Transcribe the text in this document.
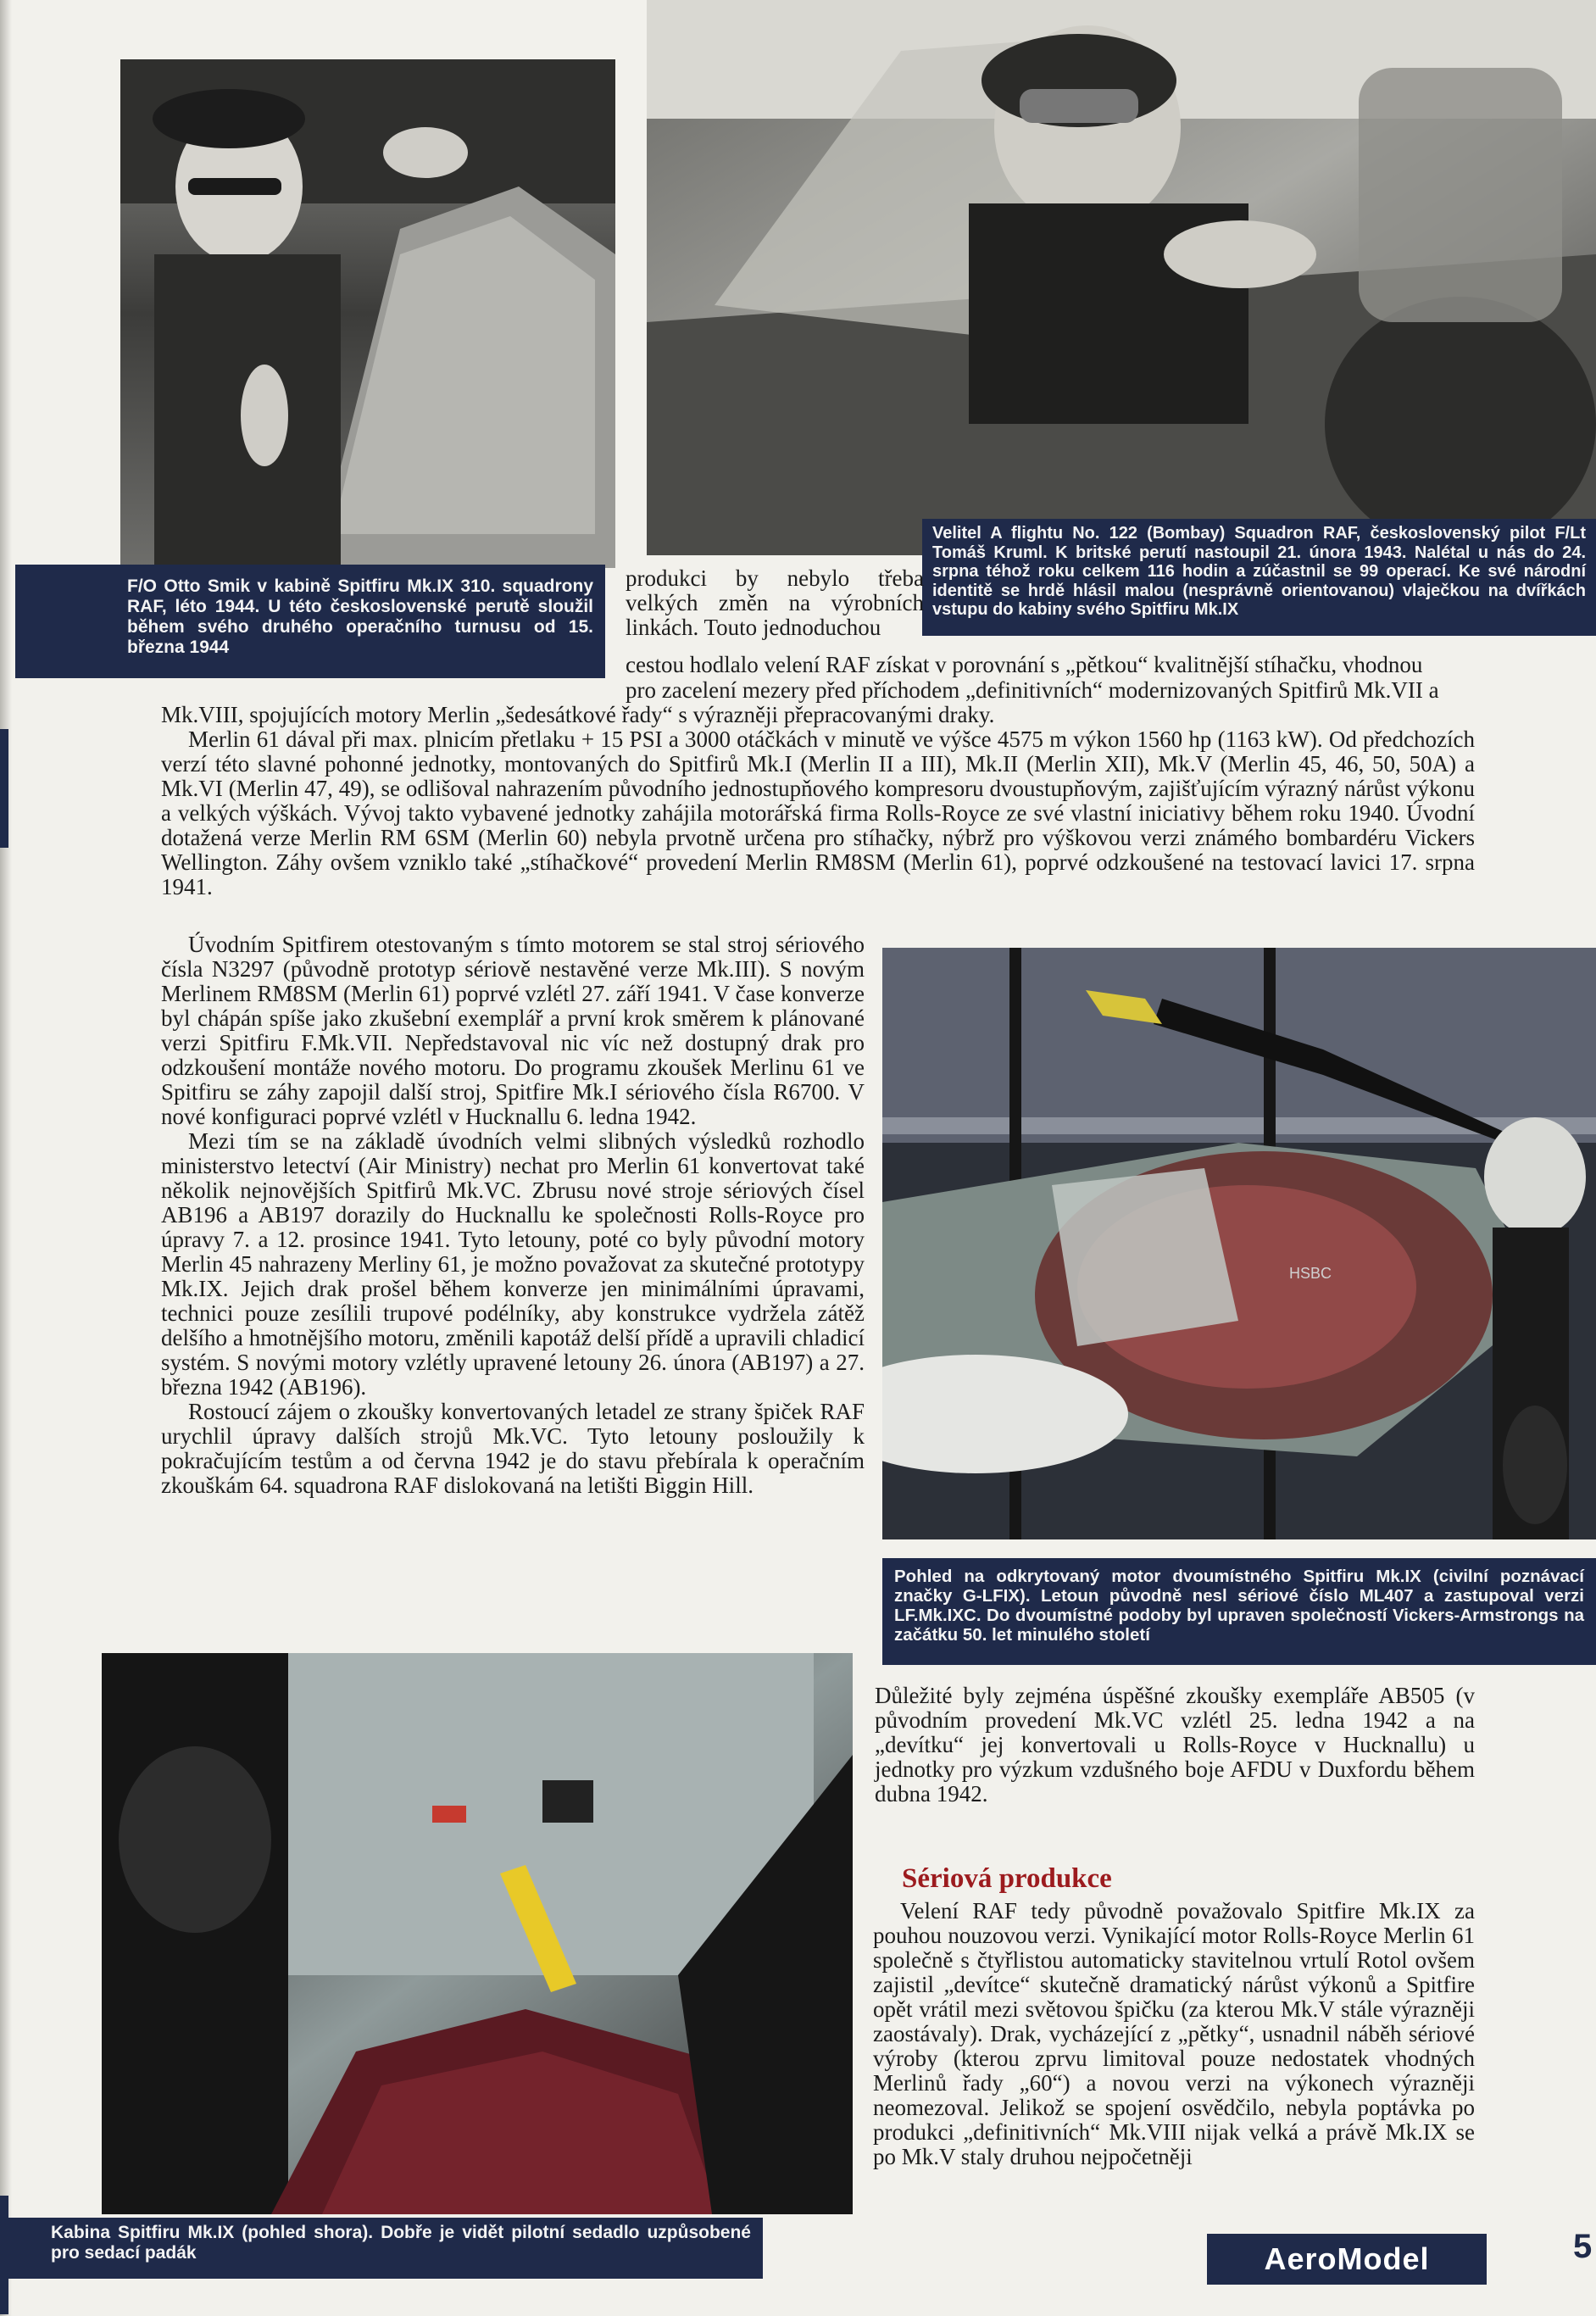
Velitel A flightu No. 122 (Bombay) Squadron RAF, československý pilot F/Lt Tomáš Kruml. K britské perutí nastoupil 21. února 1943. Nalétal u nás do 24. srpna téhož roku celkem 116 hodin a zúčastnil se 99 operací. Ke své národní identitě se hrdě hlásil malou (nesprávně orientovanou) vlaječkou na dvířkách vstupu do kabiny svého Spitfiru Mk.IX
F/O Otto Smik v kabině Spitfiru Mk.IX 310. squadrony RAF, léto 1944. U této československé perutě sloužil během svého druhého operačního turnusu od 15. března 1944

produkci by nebylo třeba velkých změn na výrobních linkách. Touto jednoduchou

cestou hodlalo velení RAF získat v porovnání s „pětkou“ kvalitnější stíhačku, vhodnou

pro zacelení mezery před příchodem „definitivních“ modernizovaných Spitfirů Mk.VII a

Mk.VIII, spojujících motory Merlin „šedesátkové řady“ s výrazněji přepracovanými draky.

Merlin 61 dával při max. plnicím přetlaku + 15 PSI a 3000 otáčkách v minutě ve výšce 4575 m výkon 1560 hp (1163 kW). Od předchozích verzí této slavné pohonné jednotky, montovaných do Spitfirů Mk.I (Merlin II a III), Mk.II (Merlin XII), Mk.V (Merlin 45, 46, 50, 50A) a Mk.VI (Merlin 47, 49), se odlišoval nahrazením původního jednostupňového kompresoru dvoustupňovým, zajišťujícím výrazný nárůst výkonu a velkých výškách. Vývoj takto vybavené jednotky zahájila motorářská firma Rolls-Royce ze své vlastní iniciativy během roku 1940. Úvodní dotažená verze Merlin RM 6SM (Merlin 60) nebyla prvotně určena pro stíhačky, nýbrž pro výškovou verzi známého bombardéru Vickers Wellington. Záhy ovšem vzniklo také „stíhačkové“ provedení Merlin RM8SM (Merlin 61), poprvé odzkoušené na testovací lavici 17. srpna 1941.

Úvodním Spitfirem otestovaným s tímto motorem se stal stroj sériového čísla N3297 (původně prototyp sériově nestavěné verze Mk.III). S novým Merlinem RM8SM (Merlin 61) poprvé vzlétl 27. září 1941. V čase konverze byl chápán spíše jako zkušební exemplář a první krok směrem k plánované verzi Spitfiru F.Mk.VII. Nepředstavoval nic víc než dostupný drak pro odzkoušení montáže nového motoru. Do programu zkoušek Merlinu 61 ve Spitfiru se záhy zapojil další stroj, Spitfire Mk.I sériového čísla R6700. V nové konfiguraci poprvé vzlétl v Hucknallu 6. ledna 1942.

Mezi tím se na základě úvodních velmi slibných výsledků rozhodlo ministerstvo letectví (Air Ministry) nechat pro Merlin 61 konvertovat také několik nejnovějších Spitfirů Mk.VC. Zbrusu nové stroje sériových čísel AB196 a AB197 dorazily do Hucknallu ke společnosti Rolls-Royce pro úpravy 7. a 12. prosince 1941. Tyto letouny, poté co byly původní motory Merlin 45 nahrazeny Merliny 61, je možno považovat za skutečné prototypy Mk.IX. Jejich drak prošel během konverze jen minimálními úpravami, technici pouze zesílili trupové podélníky, aby konstrukce vydržela zátěž delšího a hmotnějšího motoru, změnili kapotáž delší přídě a upravili chladicí systém. S novými motory vzlétly upravené letouny 26. února (AB197) a 27. března 1942 (AB196).

Rostoucí zájem o zkoušky konvertovaných letadel ze strany špiček RAF urychlil úpravy dalších strojů Mk.VC. Tyto letouny posloužily k pokračujícím testům a od června 1942 je do stavu přebírala k operačním zkouškám 64. squadrona RAF dislokovaná na letišti Biggin Hill.

HSBC
Pohled na odkrytovaný motor dvoumístného Spitfiru Mk.IX (civilní poznávací značky G-LFIX). Letoun původně nesl sériové číslo ML407 a zastupoval verzi LF.Mk.IXC. Do dvoumístné podoby byl upraven společností Vickers-Armstrongs na začátku 50. let minulého století
Kabina Spitfiru Mk.IX (pohled shora). Dobře je vidět pilotní sedadlo uzpůsobené pro sedací padák

Důležité byly zejména úspěšné zkoušky exempláře AB505 (v původním provedení Mk.VC vzlétl 25. ledna 1942 a na „devítku“ jej konvertovali u Rolls-Royce v Hucknallu) u jednotky pro výzkum vzdušného boje AFDU v Duxfordu během dubna 1942.

Sériová produkce

Velení RAF tedy původně považovalo Spitfire Mk.IX za pouhou nouzovou verzi. Vynikající motor Rolls-Royce Merlin 61 společně s čtyřlistou automaticky stavitelnou vrtulí Rotol ovšem zajistil „devítce“ skutečně dramatický nárůst výkonů a Spitfire opět vrátil mezi světovou špičku (za kterou Mk.V stále výrazněji zaostávaly). Drak, vycházející z „pětky“, usnadnil náběh sériové výroby (kterou zprvu limitoval pouze nedostatek vhodných Merlinů řady „60“) a novou verzi na výkonech výrazněji neomezoval. Jelikož se spojení osvědčilo, nebyla poptávka po produkci „definitivních“ Mk.VIII nijak velká a právě Mk.IX se po Mk.V staly druhou nejpočetněji

AeroModel	5
